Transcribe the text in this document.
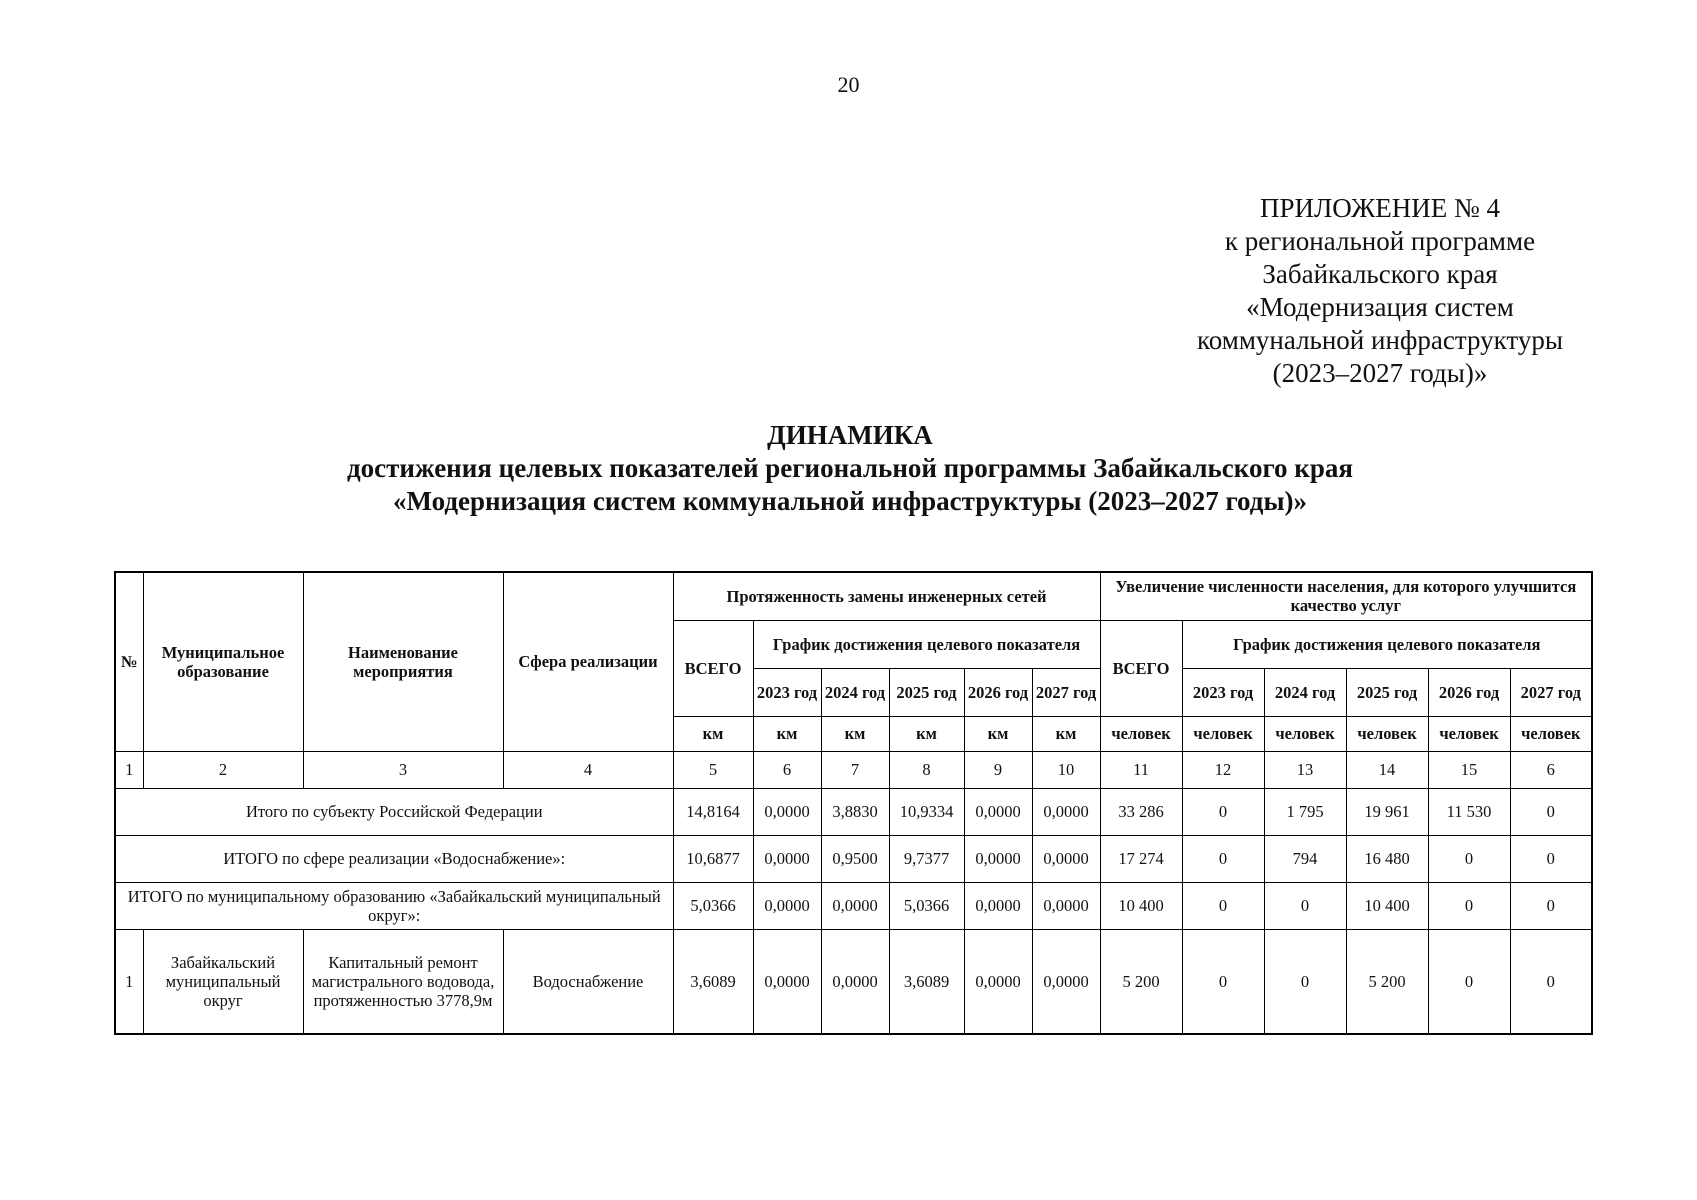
20
ПРИЛОЖЕНИЕ № 4
к региональной программе
Забайкальского края
«Модернизация систем
коммунальной инфраструктуры
(2023–2027 годы)»
ДИНАМИКА
достижения целевых показателей региональной программы Забайкальского края
«Модернизация систем коммунальной инфраструктуры (2023–2027 годы)»
№	Муниципальное образование	Наименование мероприятия	Сфера реализации	Протяженность замены инженерных сетей						Увеличение численности населения, для которого улучшится качество услуг					
				ВСЕГО	График достижения целевого показателя					ВСЕГО	График достижения целевого показателя				
					2023 год	2024 год	2025 год	2026 год	2027 год		2023 год	2024 год	2025 год	2026 год	2027 год
				км	км	км	км	км	км	человек	человек	человек	человек	человек	человек
1	2	3	4	5	6	7	8	9	10	11	12	13	14	15	6
Итого по субъекту Российской Федерации				14,8164	0,0000	3,8830	10,9334	0,0000	0,0000	33 286	0	1 795	19 961	11 530	0
ИТОГО по сфере реализации «Водоснабжение»:				10,6877	0,0000	0,9500	9,7377	0,0000	0,0000	17 274	0	794	16 480	0	0
ИТОГО по муниципальному образованию «Забайкальский муниципальный округ»:				5,0366	0,0000	0,0000	5,0366	0,0000	0,0000	10 400	0	0	10 400	0	0
1	Забайкальский муниципальный округ	Капитальный ремонт магистрального водовода, протяженностью 3778,9м	Водоснабжение	3,6089	0,0000	0,0000	3,6089	0,0000	0,0000	5 200	0	0	5 200	0	0
